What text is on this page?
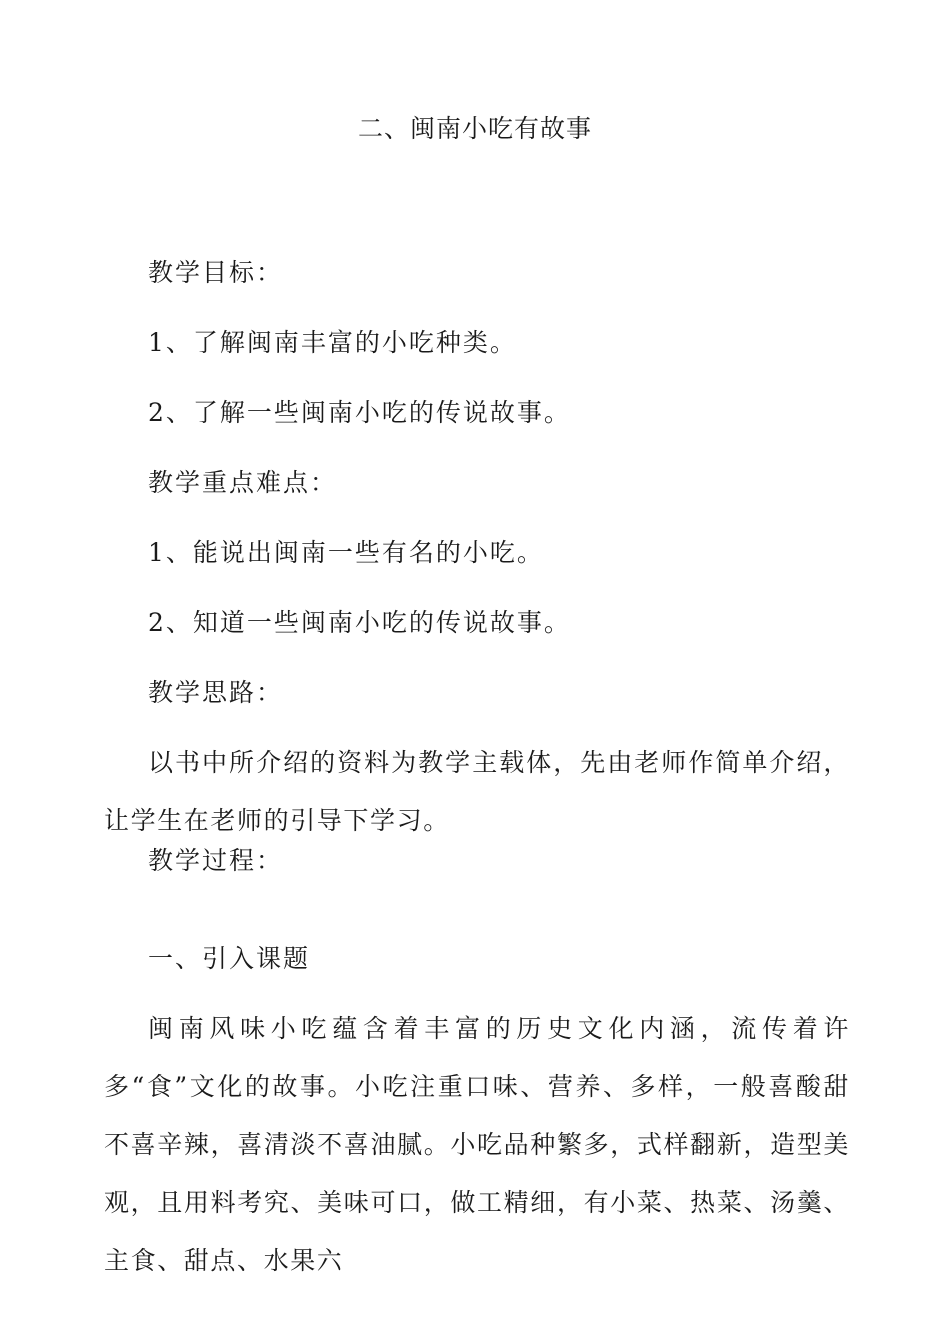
二、闽南小吃有故事
教学目标：
1、了解闽南丰富的小吃种类。
2、了解一些闽南小吃的传说故事。
教学重点难点：
1、能说出闽南一些有名的小吃。
2、知道一些闽南小吃的传说故事。
教学思路：
以书中所介绍的资料为教学主载体，先由老师作简单介绍，让学生在老师的引导下学习。
教学过程：
一、引入课题
闽南风味小吃蕴含着丰富的历史文化内涵，流传着许多“食”文化的故事。小吃注重口味、营养、多样，一般喜酸甜不喜辛辣，喜清淡不喜油腻。小吃品种繁多，式样翻新，造型美观，且用料考究、美味可口，做工精细，有小菜、热菜、汤羹、主食、甜点、水果六
